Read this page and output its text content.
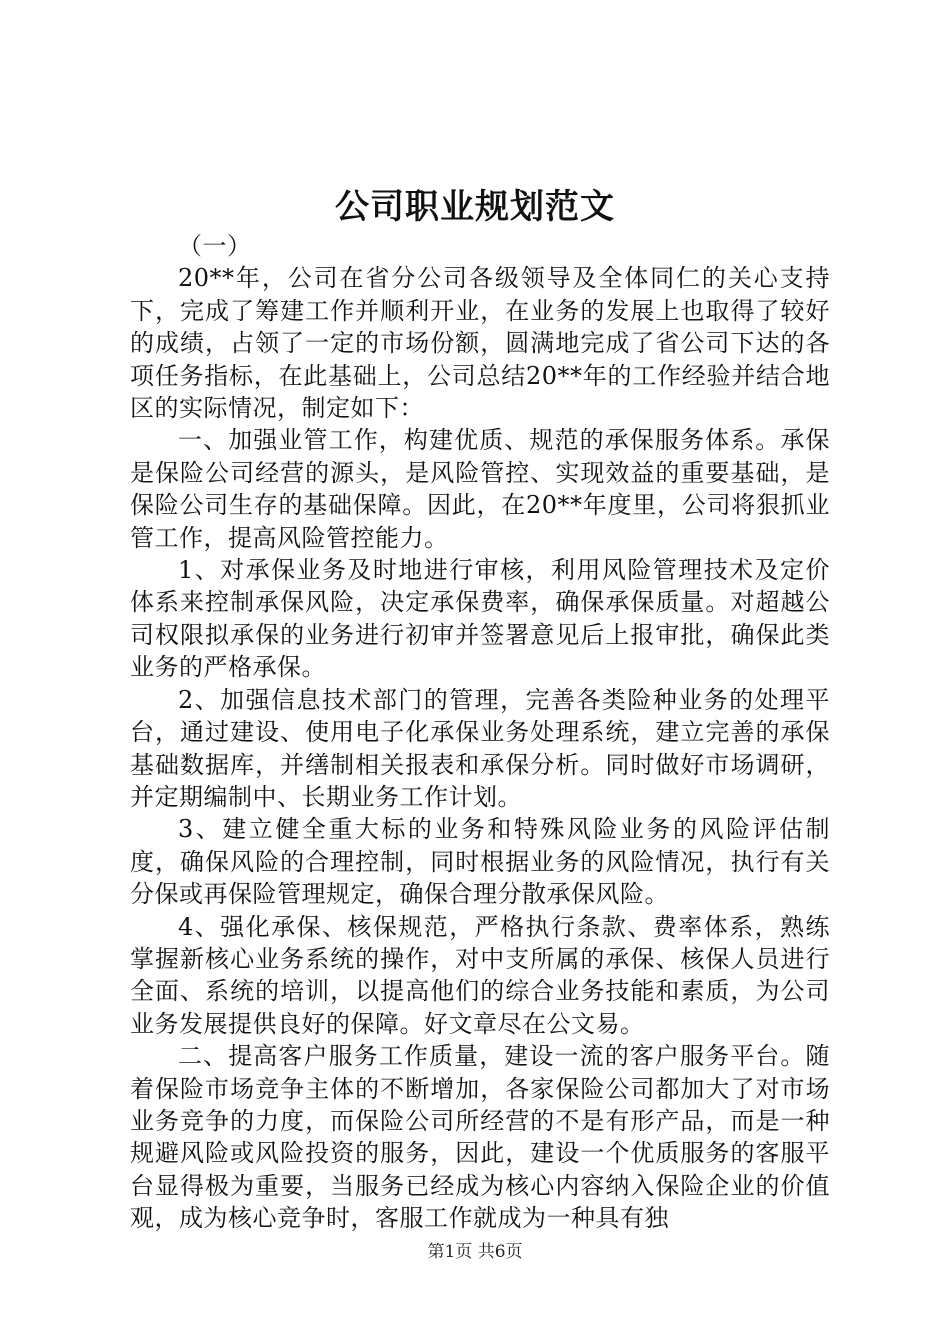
公司职业规划范文

（一）

20**年，公司在省分公司各级领导及全体同仁的关心支持下，完成了筹建工作并顺利开业，在业务的发展上也取得了较好的成绩，占领了一定的市场份额，圆满地完成了省公司下达的各项任务指标，在此基础上，公司总结20**年的工作经验并结合地区的实际情况，制定如下：

一、加强业管工作，构建优质、规范的承保服务体系。承保是保险公司经营的源头，是风险管控、实现效益的重要基础，是保险公司生存的基础保障。因此，在20**年度里，公司将狠抓业管工作，提高风险管控能力。

1、对承保业务及时地进行审核，利用风险管理技术及定价体系来控制承保风险，决定承保费率，确保承保质量。对超越公司权限拟承保的业务进行初审并签署意见后上报审批，确保此类业务的严格承保。

2、加强信息技术部门的管理，完善各类险种业务的处理平台，通过建设、使用电子化承保业务处理系统，建立完善的承保基础数据库，并缮制相关报表和承保分析。同时做好市场调研，并定期编制中、长期业务工作计划。

3、建立健全重大标的业务和特殊风险业务的风险评估制度，确保风险的合理控制，同时根据业务的风险情况，执行有关分保或再保险管理规定，确保合理分散承保风险。

4、强化承保、核保规范，严格执行条款、费率体系，熟练掌握新核心业务系统的操作，对中支所属的承保、核保人员进行全面、系统的培训，以提高他们的综合业务技能和素质，为公司业务发展提供良好的保障。好文章尽在公文易。

二、提高客户服务工作质量，建设一流的客户服务平台。随着保险市场竞争主体的不断增加，各家保险公司都加大了对市场业务竞争的力度，而保险公司所经营的不是有形产品，而是一种规避风险或风险投资的服务，因此，建设一个优质服务的客服平台显得极为重要，当服务已经成为核心内容纳入保险企业的价值观，成为核心竞争时，客服工作就成为一种具有独

第1页 共6页
